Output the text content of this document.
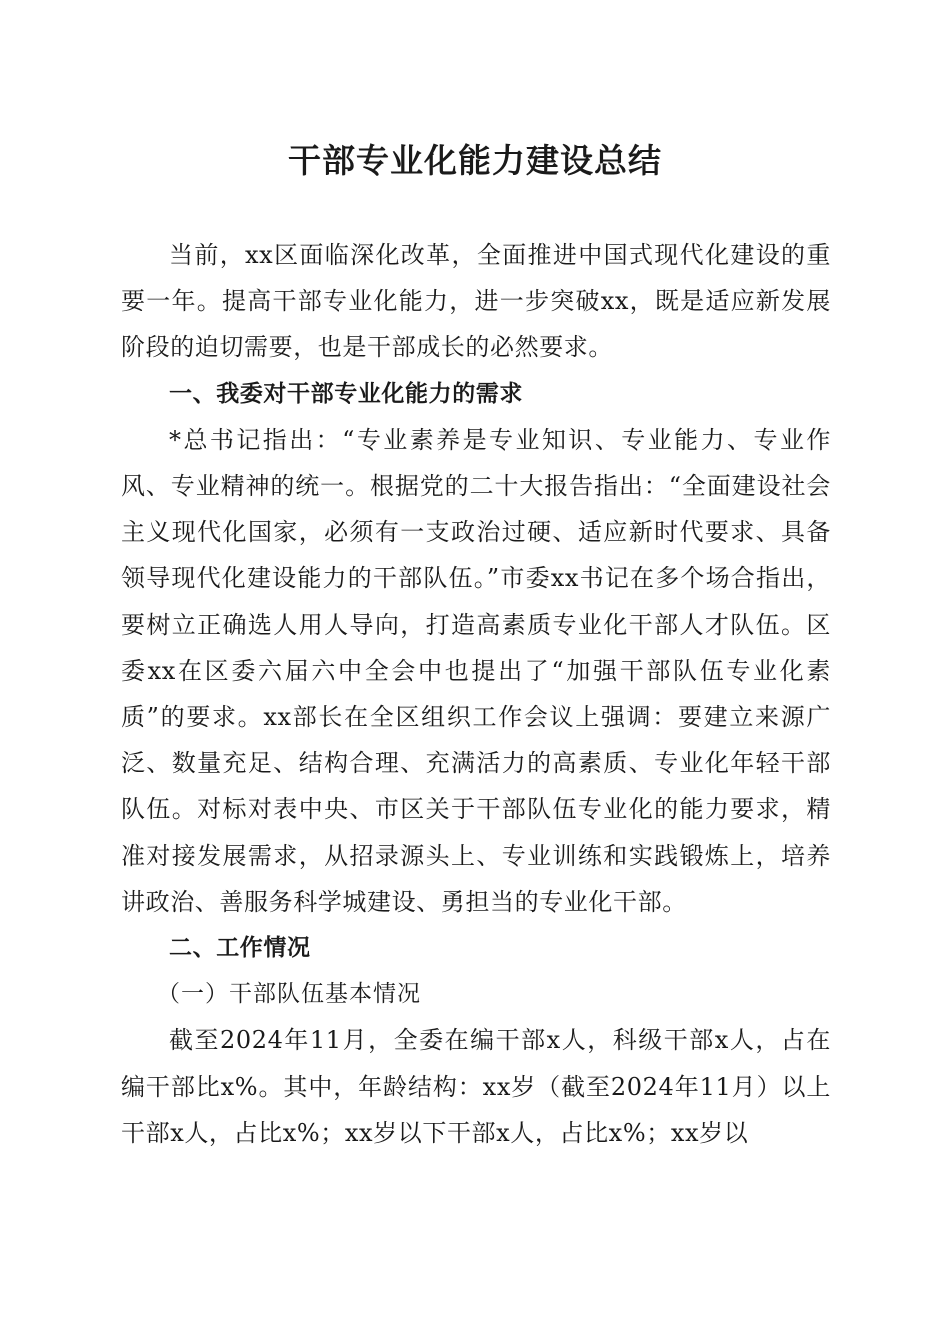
干部专业化能力建设总结

当前，xx区面临深化改革，全面推进中国式现代化建设的重要一年。提高干部专业化能力，进一步突破xx，既是适应新发展阶段的迫切需要，也是干部成长的必然要求。

一、我委对干部专业化能力的需求

*总书记指出：“专业素养是专业知识、专业能力、专业作风、专业精神的统一。根据党的二十大报告指出：“全面建设社会主义现代化国家，必须有一支政治过硬、适应新时代要求、具备领导现代化建设能力的干部队伍。”市委xx书记在多个场合指出，要树立正确选人用人导向，打造高素质专业化干部人才队伍。区委xx在区委六届六中全会中也提出了“加强干部队伍专业化素质”的要求。xx部长在全区组织工作会议上强调：要建立来源广泛、数量充足、结构合理、充满活力的高素质、专业化年轻干部队伍。对标对表中央、市区关于干部队伍专业化的能力要求，精准对接发展需求，从招录源头上、专业训练和实践锻炼上，培养讲政治、善服务科学城建设、勇担当的专业化干部。

二、工作情况

（一）干部队伍基本情况

截至2024年11月，全委在编干部x人，科级干部x人，占在编干部比x%。其中，年龄结构：xx岁（截至2024年11月）以上干部x人，占比x%；xx岁以下干部x人，占比x%；xx岁以
